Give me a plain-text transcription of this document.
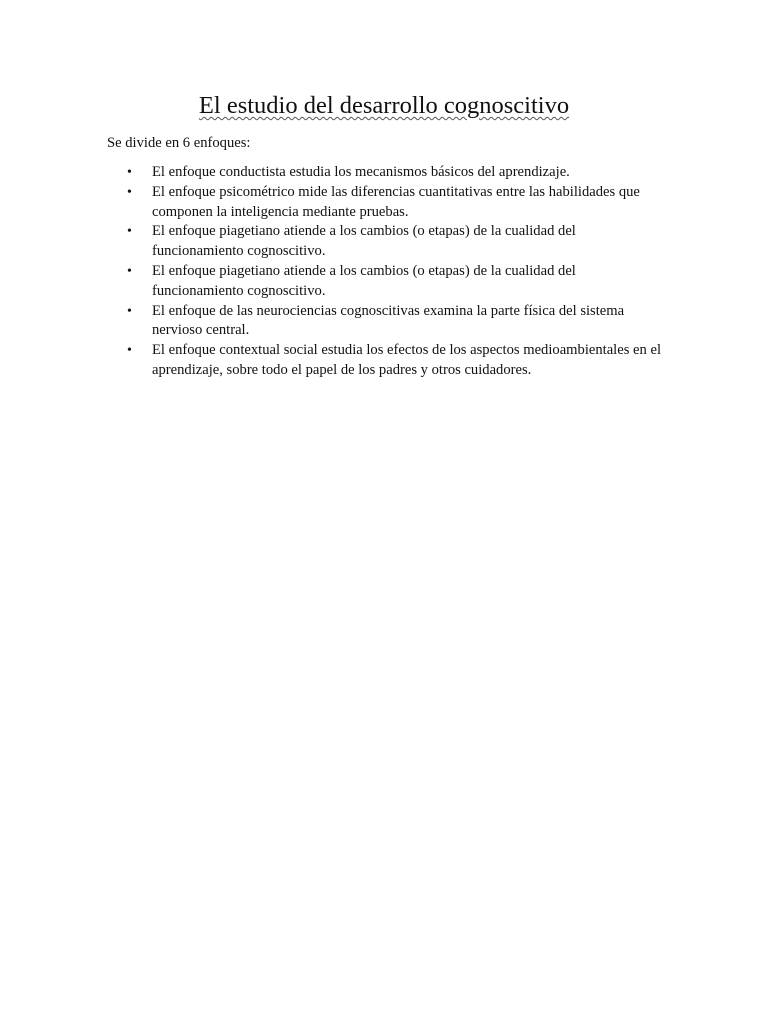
El estudio del desarrollo cognoscitivo

Se divide en 6 enfoques:

•	El enfoque conductista estudia los mecanismos básicos del aprendizaje.
•	El enfoque psicométrico mide las diferencias cuantitativas entre las habilidades que componen la inteligencia mediante pruebas.
•	El enfoque piagetiano atiende a los cambios (o etapas) de la cualidad del funcionamiento cognoscitivo.
•	El enfoque piagetiano atiende a los cambios (o etapas) de la cualidad del funcionamiento cognoscitivo.
•	El enfoque de las neurociencias cognoscitivas examina la parte física del sistema nervioso central.
•	El enfoque contextual social estudia los efectos de los aspectos medioambientales en el aprendizaje, sobre todo el papel de los padres y otros cuidadores.
